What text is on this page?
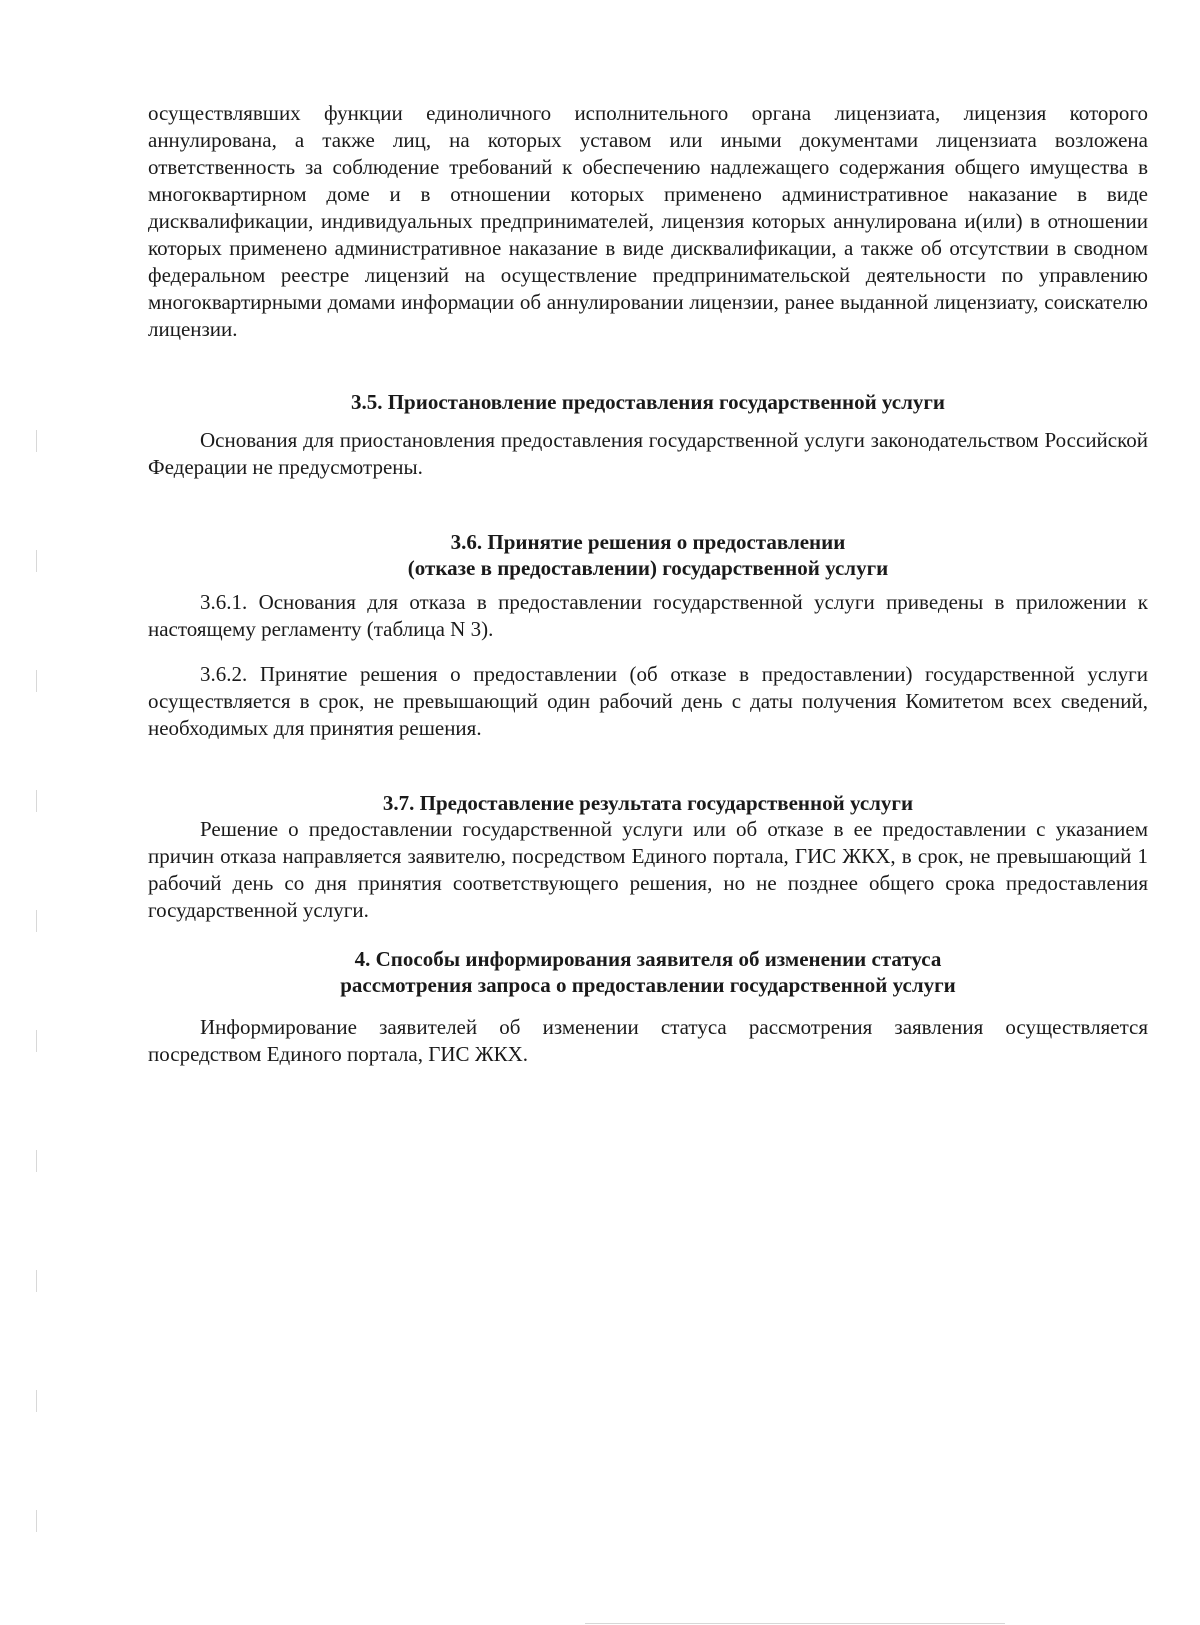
осуществлявших функции единоличного исполнительного органа лицензиата, лицензия которого аннулирована, а также лиц, на которых уставом или иными документами лицензиата возложена ответственность за соблюдение требований к обеспечению надлежащего содержания общего имущества в многоквартирном доме и в отношении которых применено административное наказание в виде дисквалификации, индивидуальных предпринимателей, лицензия которых аннулирована и(или) в отношении которых применено административное наказание в виде дисквалификации, а также об отсутствии в сводном федеральном реестре лицензий на осуществление предпринимательской деятельности по управлению многоквартирными домами информации об аннулировании лицензии, ранее выданной лицензиату, соискателю лицензии.

3.5. Приостановление предоставления государственной услуги

Основания для приостановления предоставления государственной услуги законодательством Российской Федерации не предусмотрены.

3.6. Принятие решения о предоставлении
(отказе в предоставлении) государственной услуги

3.6.1. Основания для отказа в предоставлении государственной услуги приведены в приложении к настоящему регламенту (таблица N 3).

3.6.2. Принятие решения о предоставлении (об отказе в предоставлении) государственной услуги осуществляется в срок, не превышающий один рабочий день с даты получения Комитетом всех сведений, необходимых для принятия решения.

3.7. Предоставление результата государственной услуги

Решение о предоставлении государственной услуги или об отказе в ее предоставлении с указанием причин отказа направляется заявителю, посредством Единого портала, ГИС ЖКХ, в срок, не превышающий 1 рабочий день со дня принятия соответствующего решения, но не позднее общего срока предоставления государственной услуги.

4. Способы информирования заявителя об изменении статуса
рассмотрения запроса о предоставлении государственной услуги

Информирование заявителей об изменении статуса рассмотрения заявления осуществляется посредством Единого портала, ГИС ЖКХ.
